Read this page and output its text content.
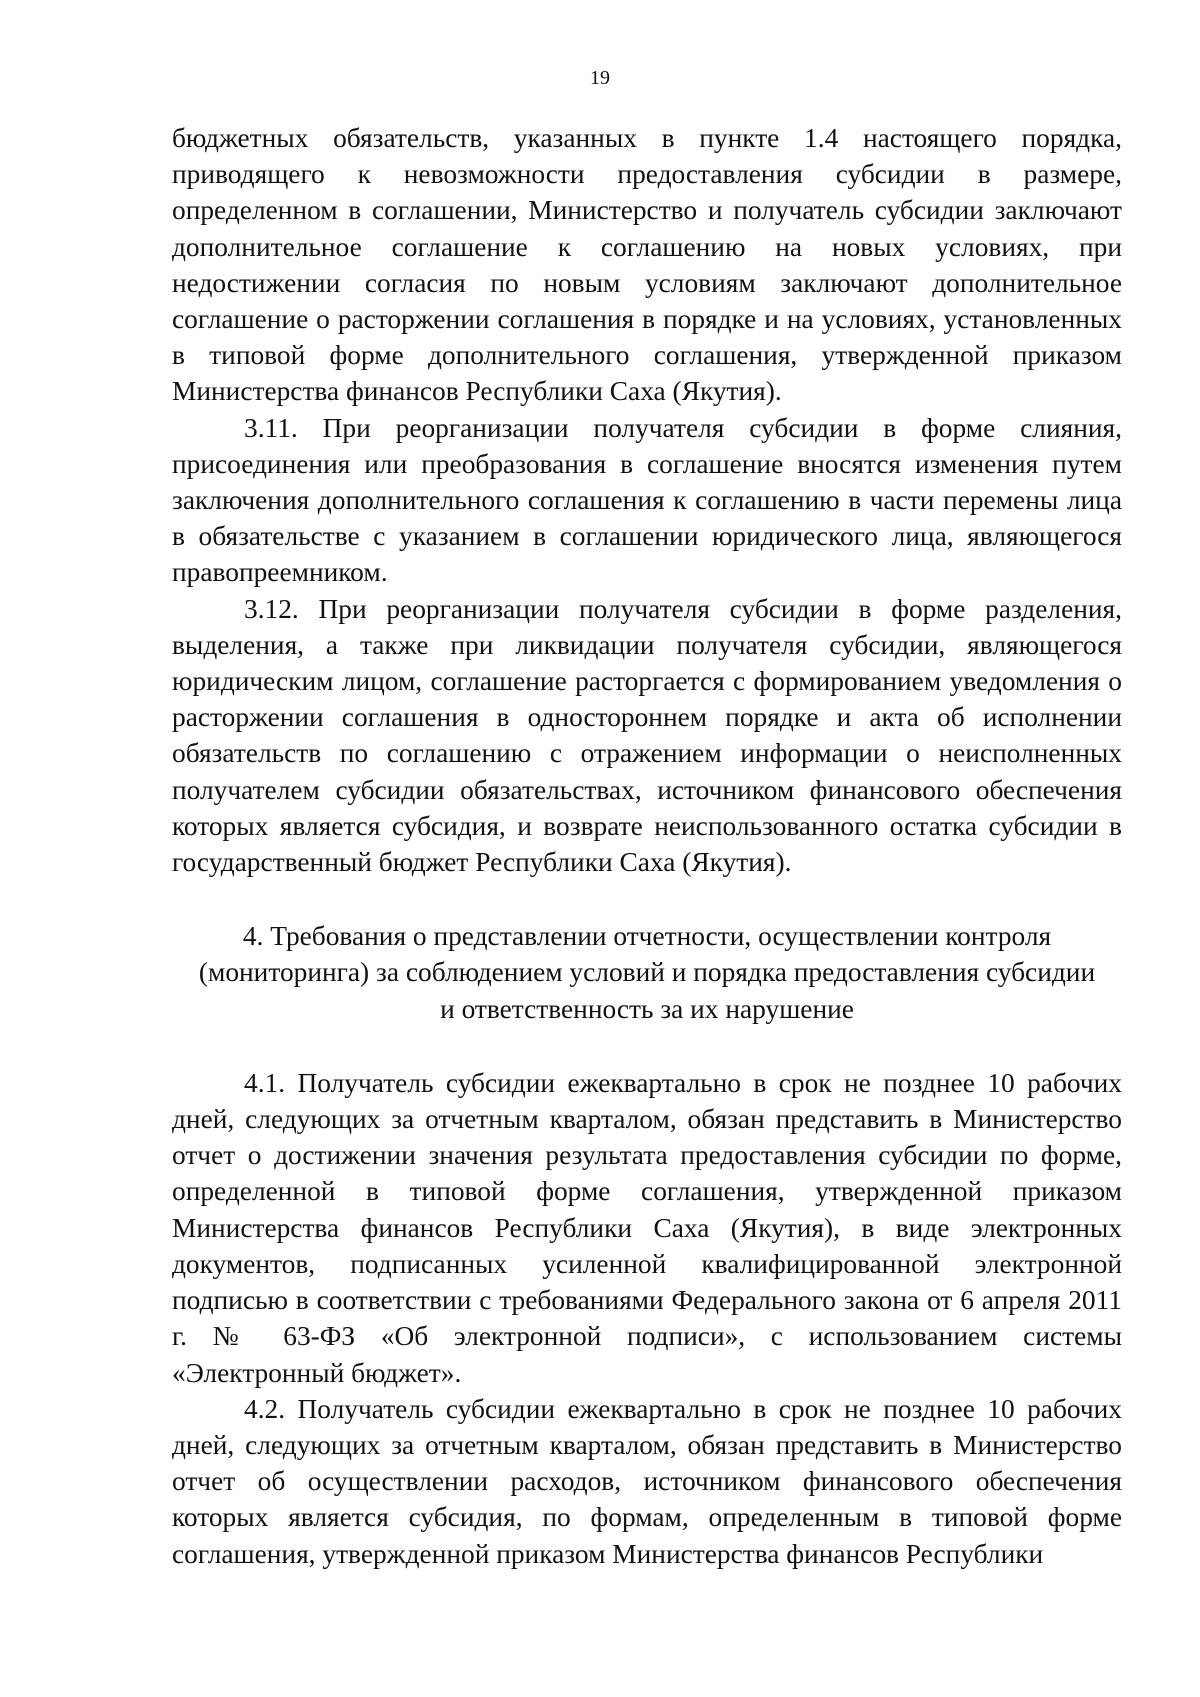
19

бюджетных обязательств, указанных в пункте 1.4 настоящего порядка, приводящего к невозможности предоставления субсидии в размере, определенном в соглашении, Министерство и получатель субсидии заключают дополнительное соглашение к соглашению на новых условиях, при недостижении согласия по новым условиям заключают дополнительное соглашение о расторжении соглашения в порядке и на условиях, установленных в типовой форме дополнительного соглашения, утвержденной приказом Министерства финансов Республики Саха (Якутия).

3.11. При реорганизации получателя субсидии в форме слияния, присоединения или преобразования в соглашение вносятся изменения путем заключения дополнительного соглашения к соглашению в части перемены лица в обязательстве с указанием в соглашении юридического лица, являющегося правопреемником.

3.12. При реорганизации получателя субсидии в форме разделения, выделения, а также при ликвидации получателя субсидии, являющегося юридическим лицом, соглашение расторгается с формированием уведомления о расторжении соглашения в одностороннем порядке и акта об исполнении обязательств по соглашению с отражением информации о неисполненных получателем субсидии обязательствах, источником финансового обеспечения которых является субсидия, и возврате неиспользованного остатка субсидии в государственный бюджет Республики Саха (Якутия).

4. Требования о представлении отчетности, осуществлении контроля
(мониторинга) за соблюдением условий и порядка предоставления субсидии
и ответственность за их нарушение

4.1. Получатель субсидии ежеквартально в срок не позднее 10 рабочих дней, следующих за отчетным кварталом, обязан представить в Министерство отчет о достижении значения результата предоставления субсидии по форме, определенной в типовой форме соглашения, утвержденной приказом Министерства финансов Республики Саха (Якутия), в виде электронных документов, подписанных усиленной квалифицированной электронной подписью в соответствии с требованиями Федерального закона от 6 апреля 2011 г. № 63-ФЗ «Об электронной подписи», с использованием системы «Электронный бюджет».

4.2. Получатель субсидии ежеквартально в срок не позднее 10 рабочих дней, следующих за отчетным кварталом, обязан представить в Министерство отчет об осуществлении расходов, источником финансового обеспечения которых является субсидия, по формам, определенным в типовой форме соглашения, утвержденной приказом Министерства финансов Республики
